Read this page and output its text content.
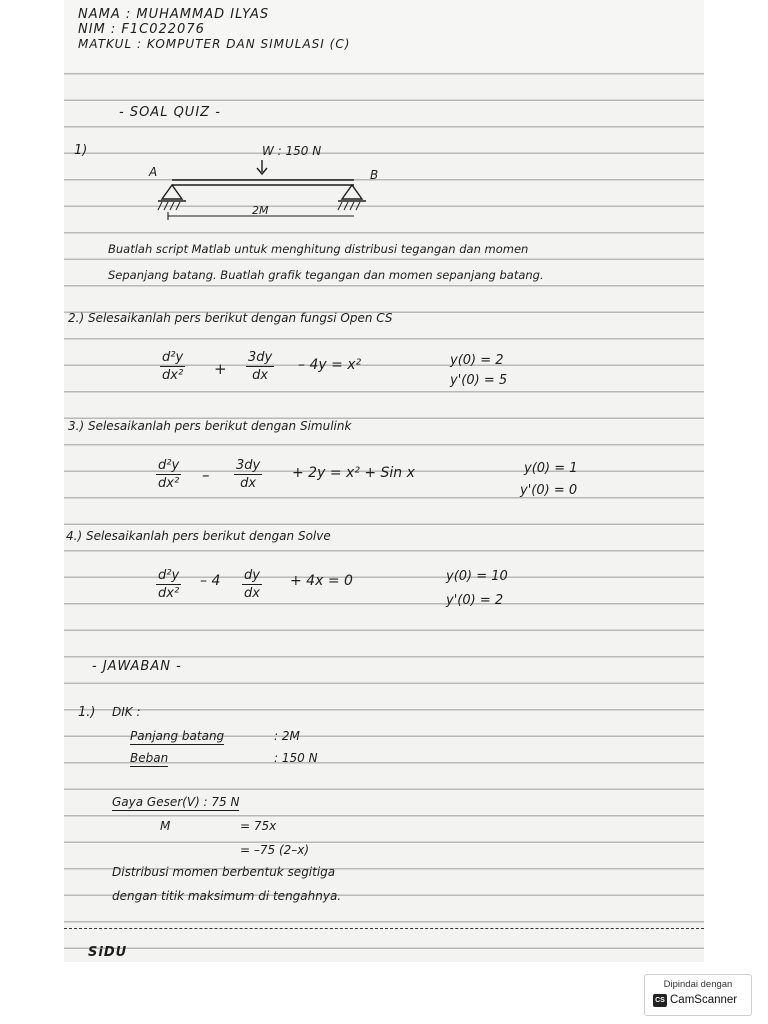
NAMA : MUHAMMAD ILYAS
NIM : F1C022076
MATKUL : KOMPUTER DAN SIMULASI (C)
- SOAL QUIZ -
1)	W : 150 N
A	B
2M
Buatlah script Matlab untuk menghitung distribusi tegangan dan momen
Sepanjang batang. Buatlah grafik tegangan dan momen sepanjang batang.
2.) Selesaikanlah pers berikut dengan fungsi Open CS
d²y
dx² +
3dy
dx
– 4y = x²	y(0) = 2
y'(0) = 5
3.) Selesaikanlah pers berikut dengan Simulink
d²y
dx² –
3dy
dx
+ 2y = x² + Sin x	y(0) = 1
y'(0) = 0
4.) Selesaikanlah pers berikut dengan Solve
d²y
dx²
– 4 dy
dx
+ 4x = 0	y(0) = 10
y'(0) = 2
- JAWABAN -
1.) DIK :
Panjang batang	: 2M
Beban	: 150 N
Gaya Geser(V) : 75 N
M	= 75x
= –75 (2–x)
Distribusi momen berbentuk segitiga
dengan titik maksimum di tengahnya.
SiDU
Dipindai dengan
CS CamScanner
